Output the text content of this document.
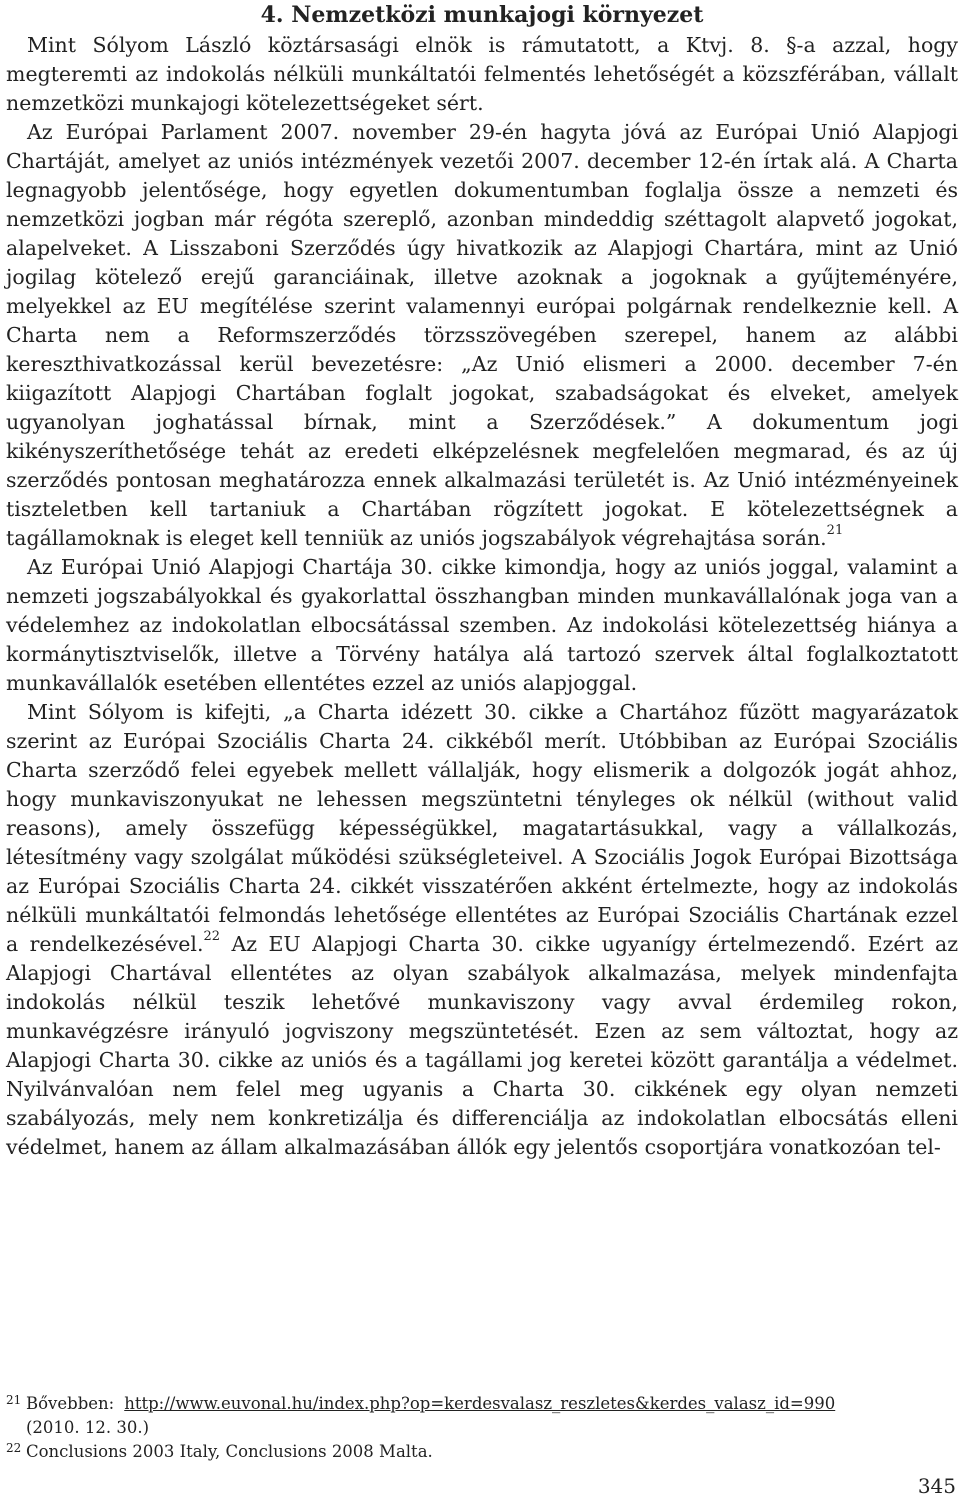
4. Nemzetközi munkajogi környezet

Mint Sólyom László köztársasági elnök is rámutatott, a Ktvj. 8. §-a azzal, hogy megteremti az indokolás nélküli munkáltatói felmentés lehetőségét a közszférában, vállalt nemzetközi munkajogi kötelezettségeket sért.

Az Európai Parlament 2007. november 29-én hagyta jóvá az Európai Unió Alapjogi Chartáját, amelyet az uniós intézmények vezetői 2007. december 12-én írtak alá. A Charta legnagyobb jelentősége, hogy egyetlen dokumentumban foglalja össze a nemzeti és nemzetközi jogban már régóta szereplő, azonban mindeddig széttagolt alapvető jogokat, alapelveket. A Lisszaboni Szerződés úgy hivatkozik az Alapjogi Chartára, mint az Unió jogilag kötelező erejű garanciáinak, illetve azoknak a jogoknak a gyűjteményére, melyekkel az EU megítélése szerint valamennyi európai polgárnak rendelkeznie kell. A Charta nem a Reformszerződés törzsszövegében szerepel, hanem az alábbi kereszthivatkozással kerül bevezetésre: „Az Unió elismeri a 2000. december 7-én kiigazított Alapjogi Chartában foglalt jogokat, szabadságokat és elveket, amelyek ugyanolyan joghatással bírnak, mint a Szerződések.” A dokumentum jogi kikényszeríthetősége tehát az eredeti elképzelésnek megfelelően megmarad, és az új szerződés pontosan meghatározza ennek alkalmazási területét is. Az Unió intézményeinek tiszteletben kell tartaniuk a Chartában rögzített jogokat. E kötelezettségnek a tagállamoknak is eleget kell tenniük az uniós jogszabályok végrehajtása során.$^{21}$

Az Európai Unió Alapjogi Chartája 30. cikke kimondja, hogy az uniós joggal, valamint a nemzeti jogszabályokkal és gyakorlattal összhangban minden munkavállalónak joga van a védelemhez az indokolatlan elbocsátással szemben. Az indokolási kötelezettség hiánya a kormánytisztviselők, illetve a Törvény hatálya alá tartozó szervek által foglalkoztatott munkavállalók esetében ellentétes ezzel az uniós alapjoggal.

Mint Sólyom is kifejti, „a Charta idézett 30. cikke a Chartához fűzött magyarázatok szerint az Európai Szociális Charta 24. cikkéből merít. Utóbbiban az Európai Szociális Charta szerződő felei egyebek mellett vállalják, hogy elismerik a dolgozók jogát ahhoz, hogy munkaviszonyukat ne lehessen megszüntetni tényleges ok nélkül (without valid reasons), amely összefügg képességükkel, magatartásukkal, vagy a vállalkozás, létesítmény vagy szolgálat működési szükségleteivel. A Szociális Jogok Európai Bizottsága az Európai Szociális Charta 24. cikkét visszatérően akként értelmezte, hogy az indokolás nélküli munkáltatói felmondás lehetősége ellentétes az Európai Szociális Chartának ezzel a rendelkezésével.$^{22}$ Az EU Alapjogi Charta 30. cikke ugyanígy értelmezendő. Ezért az Alapjogi Chartával ellentétes az olyan szabályok alkalmazása, melyek mindenfajta indokolás nélkül teszik lehetővé munkaviszony vagy avval érdemileg rokon, munkavégzésre irányuló jogviszony megszüntetését. Ezen az sem változtat, hogy az Alapjogi Charta 30. cikke az uniós és a tagállami jog keretei között garantálja a védelmet. Nyilvánvalóan nem felel meg ugyanis a Charta 30. cikkének egy olyan nemzeti szabályozás, mely nem konkretizálja és differenciálja az indokolatlan elbocsátás elleni védelmet, hanem az állam alkalmazásában állók egy jelentős csoportjára vonatkozóan tel-

21 Bővebben: http://www.euvonal.hu/index.php?op=kerdesvalasz_reszletes&kerdes_valasz_id=990
(2010. 12. 30.)
22 Conclusions 2003 Italy, Conclusions 2008 Malta.
345
